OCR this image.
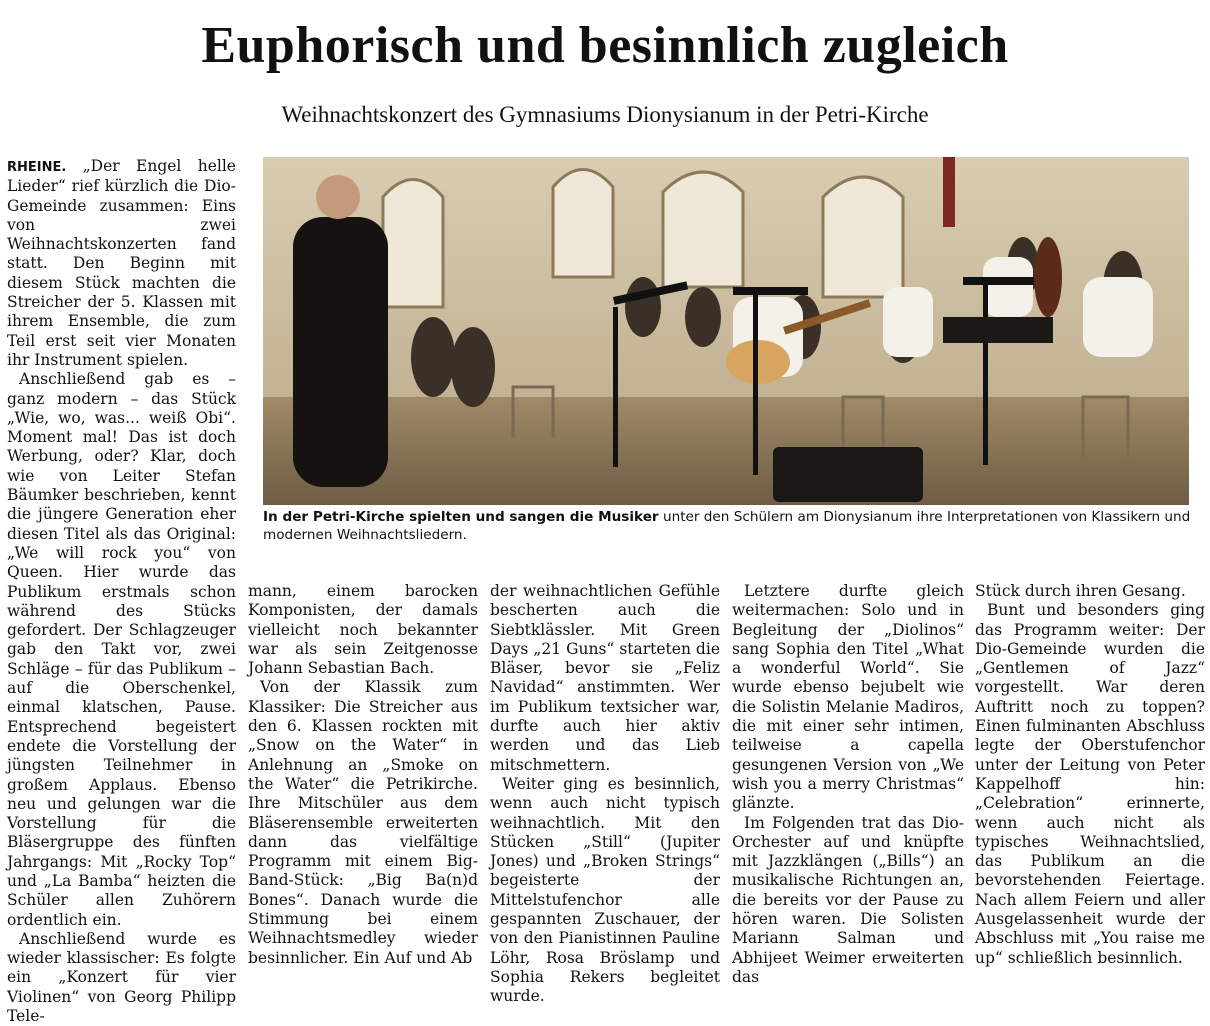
Euphorisch und besinnlich zugleich
Weihnachtskonzert des Gymnasiums Dionysianum in der Petri-Kirche

RHEINE. „Der Engel helle Lieder“ rief kürzlich die Dio-Gemeinde zusammen: Eins von zwei Weihnachtskonzerten fand statt. Den Beginn mit diesem Stück machten die Streicher der 5. Klassen mit ihrem Ensemble, die zum Teil erst seit vier Monaten ihr Instrument spielen.

Anschließend gab es – ganz modern – das Stück „Wie, wo, was... weiß Obi“. Moment mal! Das ist doch Werbung, oder? Klar, doch wie von Leiter Stefan Bäumker beschrieben, kennt die jüngere Generation eher diesen Titel als das Original: „We will rock you“ von Queen. Hier wurde das Publikum erstmals schon während des Stücks gefordert. Der Schlagzeuger gab den Takt vor, zwei Schläge – für das Publikum – auf die Oberschenkel, einmal klatschen, Pause. Entsprechend begeistert endete die Vorstellung der jüngsten Teilnehmer in großem Applaus. Ebenso neu und gelungen war die Vorstellung für die Bläsergruppe des fünften Jahrgangs: Mit „Rocky Top“ und „La Bamba“ heizten die Schüler allen Zuhörern ordentlich ein.

Anschließend wurde es wieder klassischer: Es folgte ein „Konzert für vier Violinen“ von Georg Philipp Tele-

In der Petri-Kirche spielten und sangen die Musiker unter den Schülern am Dionysianum ihre Interpretationen von Klassikern und modernen Weihnachtsliedern.

mann, einem barocken Komponisten, der damals vielleicht noch bekannter war als sein Zeitgenosse Johann Sebastian Bach.

Von der Klassik zum Klassiker: Die Streicher aus den 6. Klassen rockten mit „Snow on the Water“ in Anlehnung an „Smoke on the Water“ die Petrikirche. Ihre Mitschüler aus dem Bläserensemble erweiterten dann das vielfältige Programm mit einem Big-Band-Stück: „Big Ba(n)d Bones“. Danach wurde die Stimmung bei einem Weihnachtsmedley wieder besinnlicher. Ein Auf und Ab

der weihnachtlichen Gefühle bescherten auch die Siebtklässler. Mit Green Days „21 Guns“ starteten die Bläser, bevor sie „Feliz Navidad“ anstimmten. Wer im Publikum textsicher war, durfte auch hier aktiv werden und das Lieb mitschmettern.

Weiter ging es besinnlich, wenn auch nicht typisch weihnachtlich. Mit den Stücken „Still“ (Jupiter Jones) und „Broken Strings“ begeisterte der Mittelstufenchor alle gespannten Zuschauer, der von den Pianistinnen Pauline Löhr, Rosa Bröslamp und Sophia Rekers begleitet wurde.

Letztere durfte gleich weitermachen: Solo und in Begleitung der „Diolinos“ sang Sophia den Titel „What a wonderful World“. Sie wurde ebenso bejubelt wie die Solistin Melanie Madiros, die mit einer sehr intimen, teilweise a capella gesungenen Version von „We wish you a merry Christmas“ glänzte.

Im Folgenden trat das Dio-Orchester auf und knüpfte mit Jazzklängen („Bills“) an musikalische Richtungen an, die bereits vor der Pause zu hören waren. Die Solisten Mariann Salman und Abhijeet Weimer erweiterten das

Stück durch ihren Gesang.

Bunt und besonders ging das Programm weiter: Der Dio-Gemeinde wurden die „Gentlemen of Jazz“ vorgestellt. War deren Auftritt noch zu toppen? Einen fulminanten Abschluss legte der Oberstufenchor unter der Leitung von Peter Kappelhoff hin: „Celebration“ erinnerte, wenn auch nicht als typisches Weihnachtslied, das Publikum an die bevorstehenden Feiertage. Nach allem Feiern und aller Ausgelassenheit wurde der Abschluss mit „You raise me up“ schließlich besinnlich.
